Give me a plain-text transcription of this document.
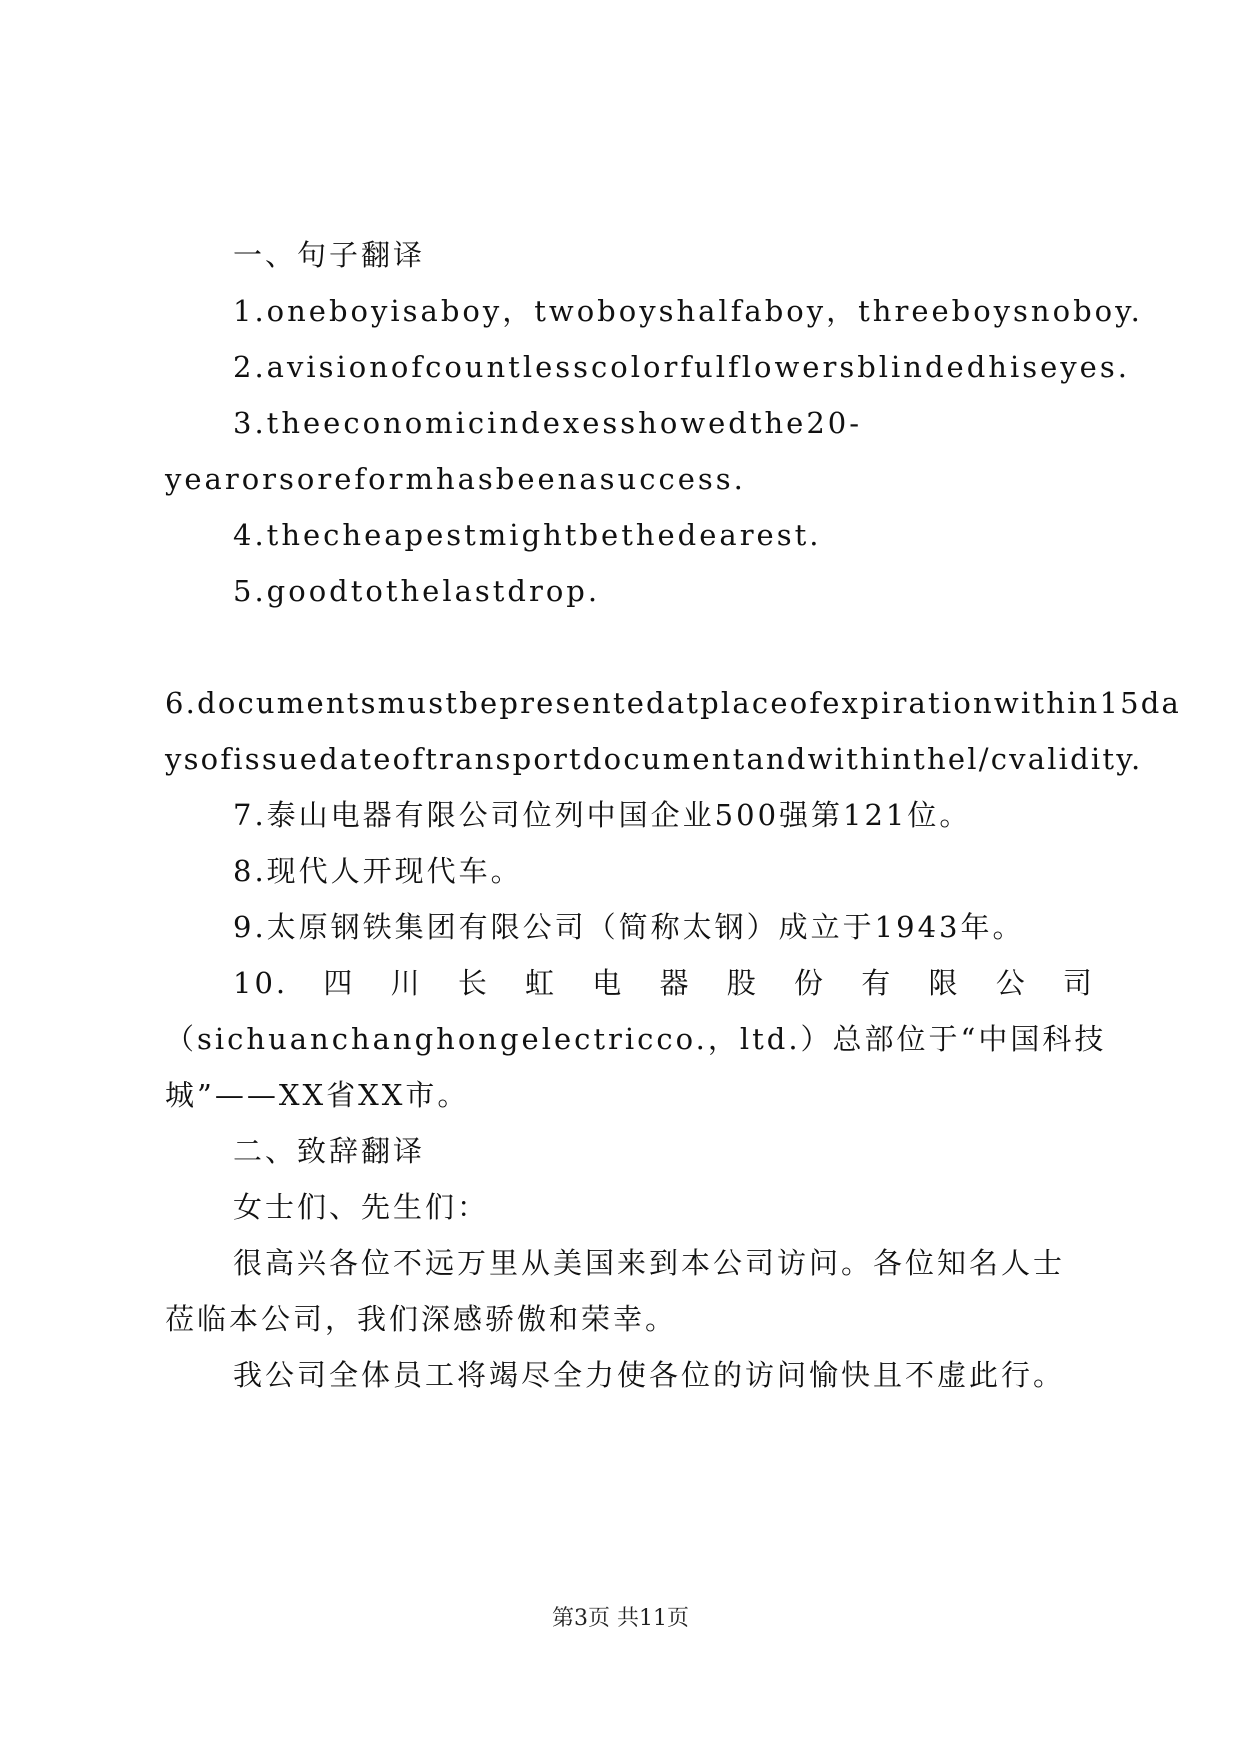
一、句子翻译

1.oneboyisaboy，twoboyshalfaboy，threeboysnoboy.

2.avisionofcountlesscolorfulflowersblindedhiseyes.

3.theeconomicindexesshowedthe20-

yearorsoreformhasbeenasuccess.

4.thecheapestmightbethedearest.

5.goodtothelastdrop.

6.documentsmustbepresentedatplaceofexpirationwithin15da

ysofissuedateoftransportdocumentandwithinthel/cvalidity.

7.泰山电器有限公司位列中国企业500强第121位。

8.现代人开现代车。

9.太原钢铁集团有限公司（简称太钢）成立于1943年。

10. 四 川 长 虹 电 器 股 份 有 限 公 司

（sichuanchanghongelectricco.，ltd.）总部位于“中国科技

城”——XX省XX市。

二、致辞翻译

女士们、先生们：

很高兴各位不远万里从美国来到本公司访问。各位知名人士

莅临本公司，我们深感骄傲和荣幸。

我公司全体员工将竭尽全力使各位的访问愉快且不虚此行。

第3页 共11页
